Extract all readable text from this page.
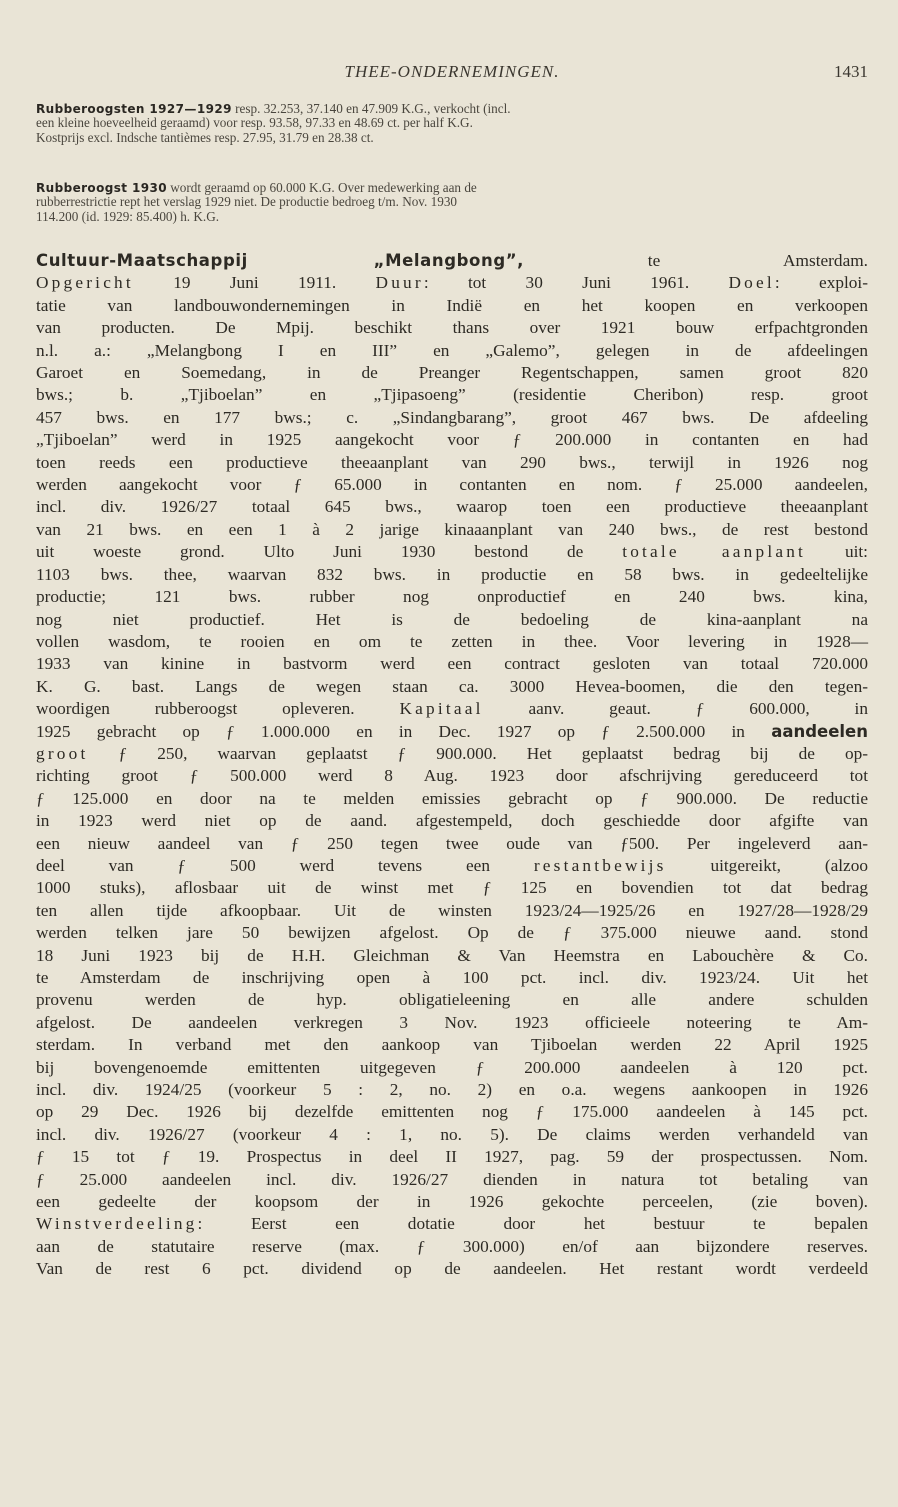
THEE-ONDERNEMINGEN.	1431
Rubberoogsten 1927—1929 resp. 32.253, 37.140 en 47.909 K.G., verkocht (incl.
een kleine hoeveelheid geraamd) voor resp. 93.58, 97.33 en 48.69 ct. per half K.G.
Kostprijs excl. Indsche tantièmes resp. 27.95, 31.79 en 28.38 ct.
Rubberoogst 1930 wordt geraamd op 60.000 K.G. Over medewerking aan de
rubberrestrictie rept het verslag 1929 niet. De productie bedroeg t/m. Nov. 1930
114.200 (id. 1929: 85.400) h. K.G.
Cultuur-Maatschappij „Melangbong”, te Amsterdam.
Opgericht 19 Juni 1911. Duur: tot 30 Juni 1961. Doel: exploi-
tatie van landbouwondernemingen in Indië en het koopen en verkoopen
van producten. De Mpij. beschikt thans over 1921 bouw erfpachtgronden
n.l. a.: „Melangbong I en III” en „Galemo”, gelegen in de afdeelingen
Garoet en Soemedang, in de Preanger Regentschappen, samen groot 820
bws.; b. „Tjiboelan” en „Tjipasoeng” (residentie Cheribon) resp. groot
457 bws. en 177 bws.; c. „Sindangbarang”, groot 467 bws. De afdeeling
„Tjiboelan” werd in 1925 aangekocht voor ƒ 200.000 in contanten en had
toen reeds een productieve theeaanplant van 290 bws., terwijl in 1926 nog
werden aangekocht voor ƒ 65.000 in contanten en nom. ƒ 25.000 aandeelen,
incl. div. 1926/27 totaal 645 bws., waarop toen een productieve theeaanplant
van 21 bws. en een 1 à 2 jarige kinaaanplant van 240 bws., de rest bestond
uit woeste grond. Ulto Juni 1930 bestond de totale aanplant uit:
1103 bws. thee, waarvan 832 bws. in productie en 58 bws. in gedeeltelijke
productie; 121 bws. rubber nog onproductief en 240 bws. kina,
nog niet productief. Het is de bedoeling de kina-aanplant na
vollen wasdom, te rooien en om te zetten in thee. Voor levering in 1928—
1933 van kinine in bastvorm werd een contract gesloten van totaal 720.000
K. G. bast. Langs de wegen staan ca. 3000 Hevea-boomen, die den tegen-
woordigen rubberoogst opleveren. Kapitaal aanv. geaut. ƒ 600.000, in
1925 gebracht op ƒ 1.000.000 en in Dec. 1927 op ƒ 2.500.000 in aandeelen
groot ƒ 250, waarvan geplaatst ƒ 900.000. Het geplaatst bedrag bij de op-
richting groot ƒ 500.000 werd 8 Aug. 1923 door afschrijving gereduceerd tot
ƒ 125.000 en door na te melden emissies gebracht op ƒ 900.000. De reductie
in 1923 werd niet op de aand. afgestempeld, doch geschiedde door afgifte van
een nieuw aandeel van ƒ 250 tegen twee oude van ƒ500. Per ingeleverd aan-
deel van ƒ 500 werd tevens een restantbewijs uitgereikt, (alzoo
1000 stuks), aflosbaar uit de winst met ƒ 125 en bovendien tot dat bedrag
ten allen tijde afkoopbaar. Uit de winsten 1923/24—1925/26 en 1927/28—1928/29
werden telken jare 50 bewijzen afgelost. Op de ƒ 375.000 nieuwe aand. stond
18 Juni 1923 bij de H.H. Gleichman & Van Heemstra en Labouchère & Co.
te Amsterdam de inschrijving open à 100 pct. incl. div. 1923/24. Uit het
provenu werden de hyp. obligatieleening en alle andere schulden
afgelost. De aandeelen verkregen 3 Nov. 1923 officieele noteering te Am-
sterdam. In verband met den aankoop van Tjiboelan werden 22 April 1925
bij bovengenoemde emittenten uitgegeven ƒ 200.000 aandeelen à 120 pct.
incl. div. 1924/25 (voorkeur 5 : 2, no. 2) en o.a. wegens aankoopen in 1926
op 29 Dec. 1926 bij dezelfde emittenten nog ƒ 175.000 aandeelen à 145 pct.
incl. div. 1926/27 (voorkeur 4 : 1, no. 5). De claims werden verhandeld van
ƒ 15 tot ƒ 19. Prospectus in deel II 1927, pag. 59 der prospectussen. Nom.
ƒ 25.000 aandeelen incl. div. 1926/27 dienden in natura tot betaling van
een gedeelte der koopsom der in 1926 gekochte perceelen, (zie boven).
Winstverdeeling: Eerst een dotatie door het bestuur te bepalen
aan de statutaire reserve (max. ƒ 300.000) en/of aan bijzondere reserves.
Van de rest 6 pct. dividend op de aandeelen. Het restant wordt verdeeld
